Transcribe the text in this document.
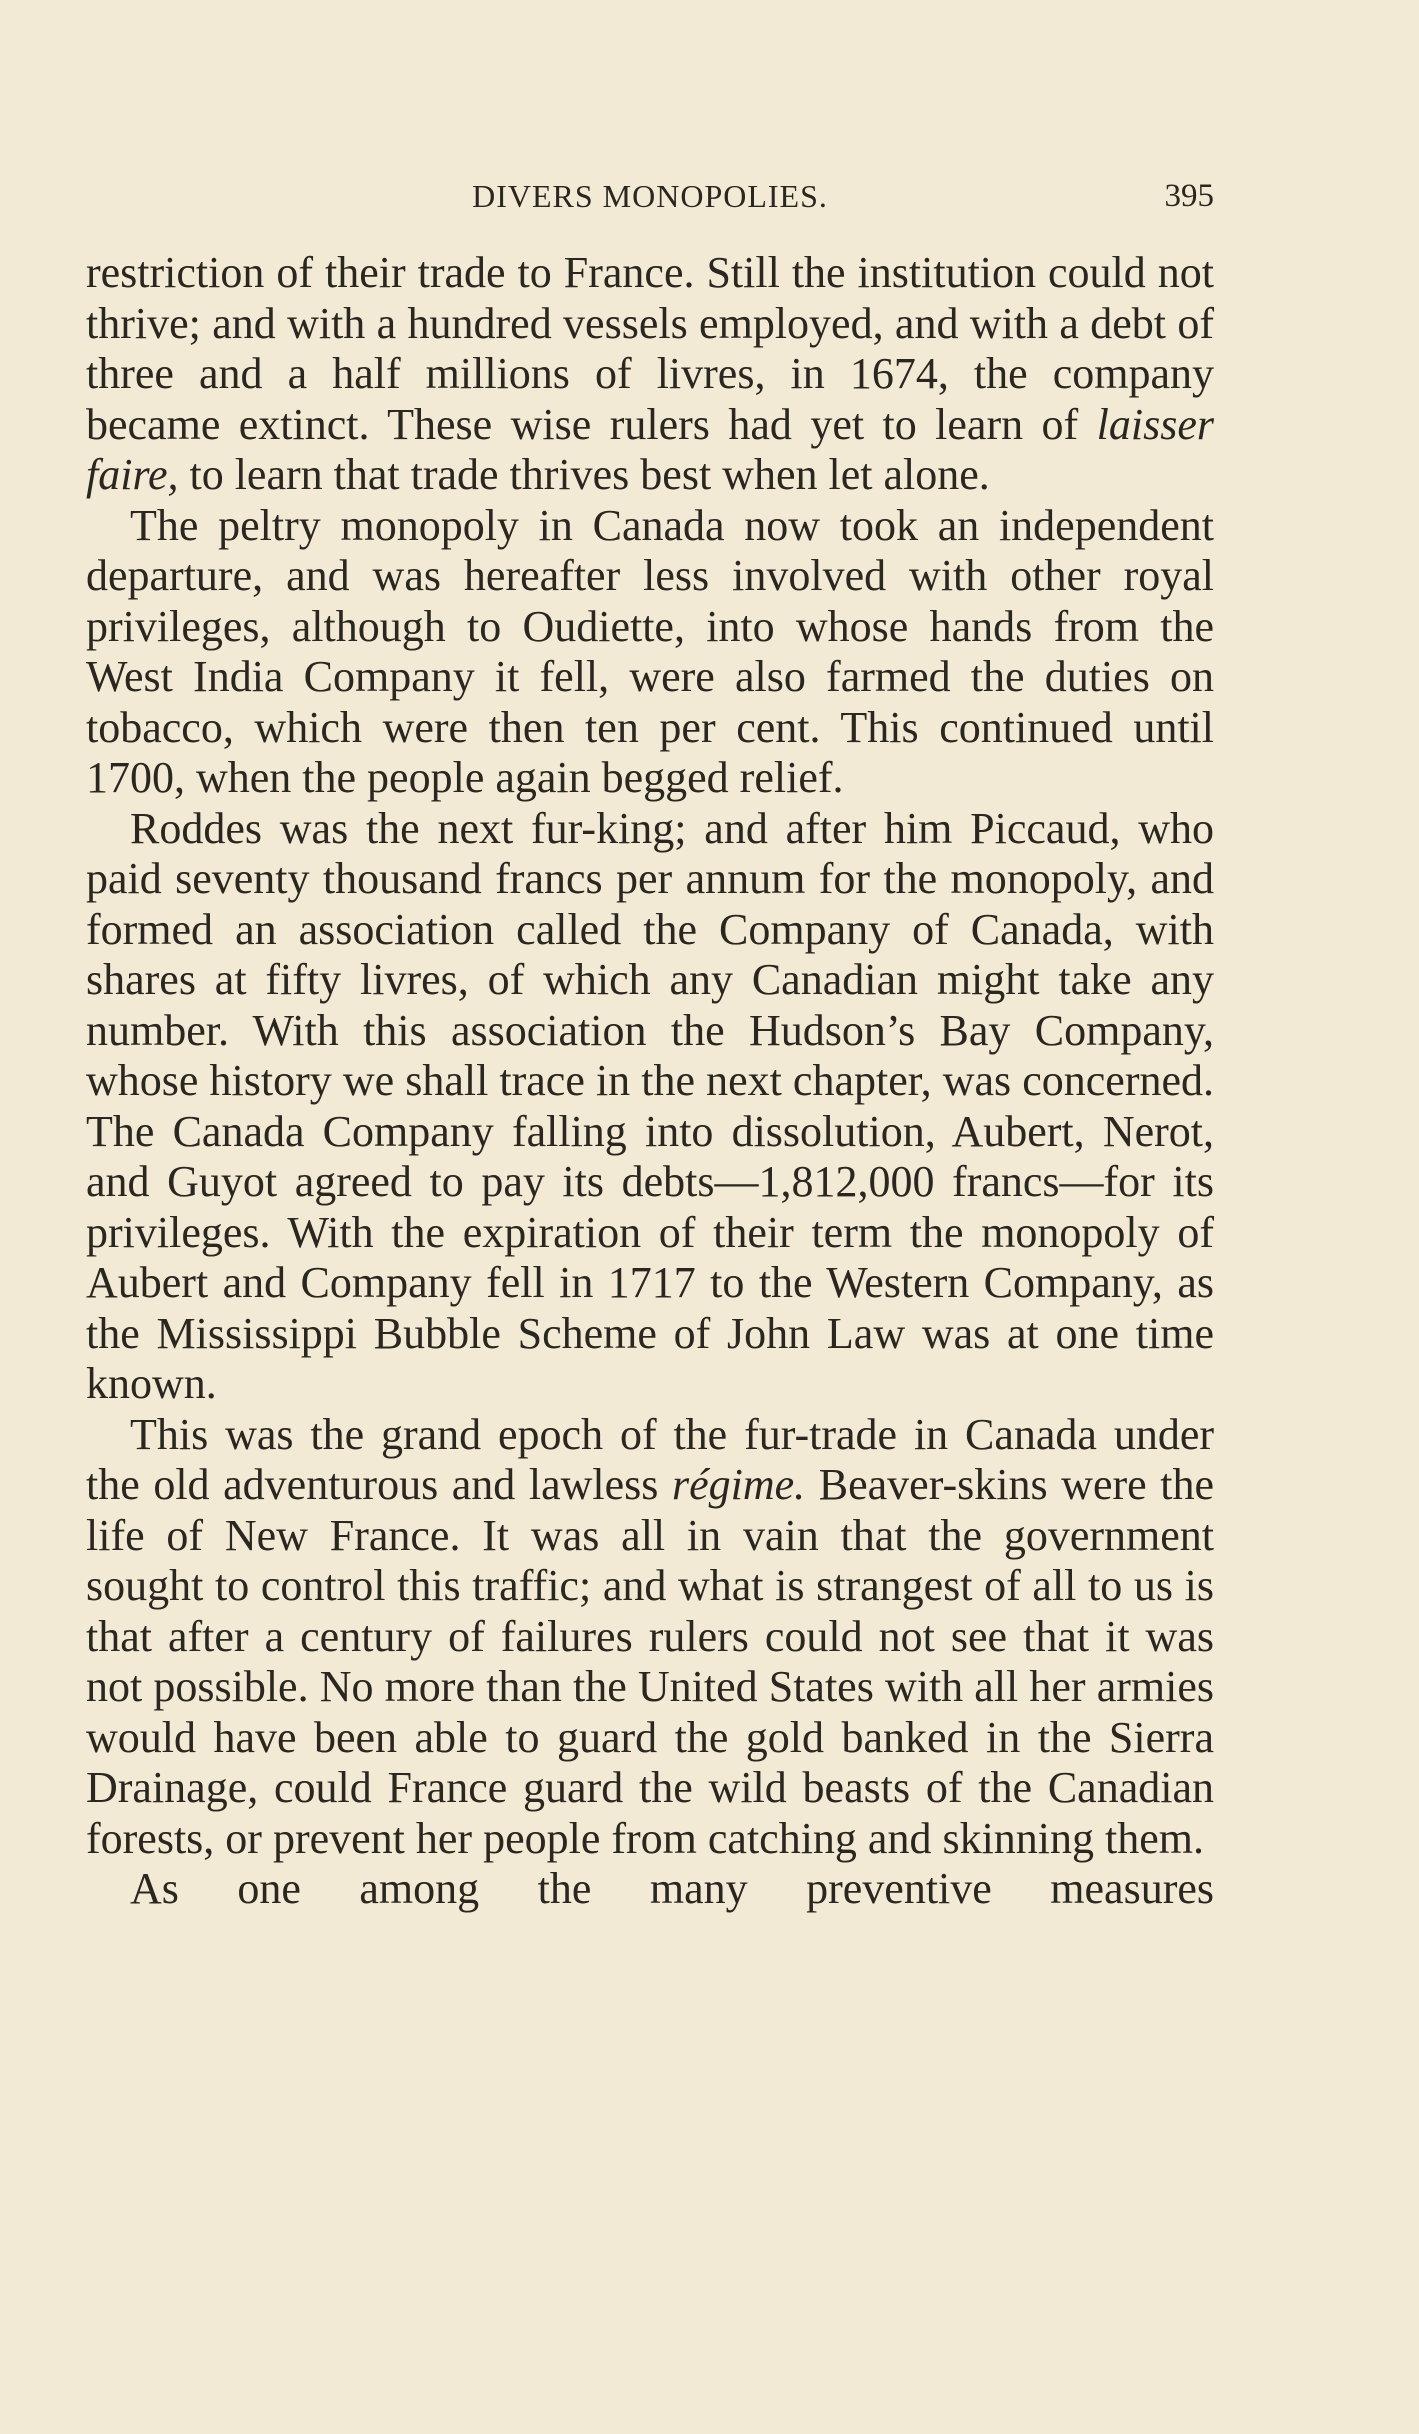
DIVERS MONOPOLIES.	395

restriction of their trade to France. Still the institution could not thrive; and with a hundred vessels employed, and with a debt of three and a half millions of livres, in 1674, the company became extinct. These wise rulers had yet to learn of laisser faire, to learn that trade thrives best when let alone.

The peltry monopoly in Canada now took an independent departure, and was hereafter less involved with other royal privileges, although to Oudiette, into whose hands from the West India Company it fell, were also farmed the duties on tobacco, which were then ten per cent. This continued until 1700, when the people again begged relief.

Roddes was the next fur-king; and after him Piccaud, who paid seventy thousand francs per annum for the monopoly, and formed an association called the Company of Canada, with shares at fifty livres, of which any Canadian might take any number. With this association the Hudson’s Bay Company, whose history we shall trace in the next chapter, was concerned. The Canada Company falling into dissolution, Aubert, Nerot, and Guyot agreed to pay its debts—1,812,000 francs—for its privileges. With the expiration of their term the monopoly of Aubert and Company fell in 1717 to the Western Company, as the Mississippi Bubble Scheme of John Law was at one time known.

This was the grand epoch of the fur-trade in Canada under the old adventurous and lawless régime. Beaver-skins were the life of New France. It was all in vain that the government sought to control this traffic; and what is strangest of all to us is that after a century of failures rulers could not see that it was not possible. No more than the United States with all her armies would have been able to guard the gold banked in the Sierra Drainage, could France guard the wild beasts of the Canadian forests, or prevent her people from catching and skinning them.

As one among the many preventive measures
